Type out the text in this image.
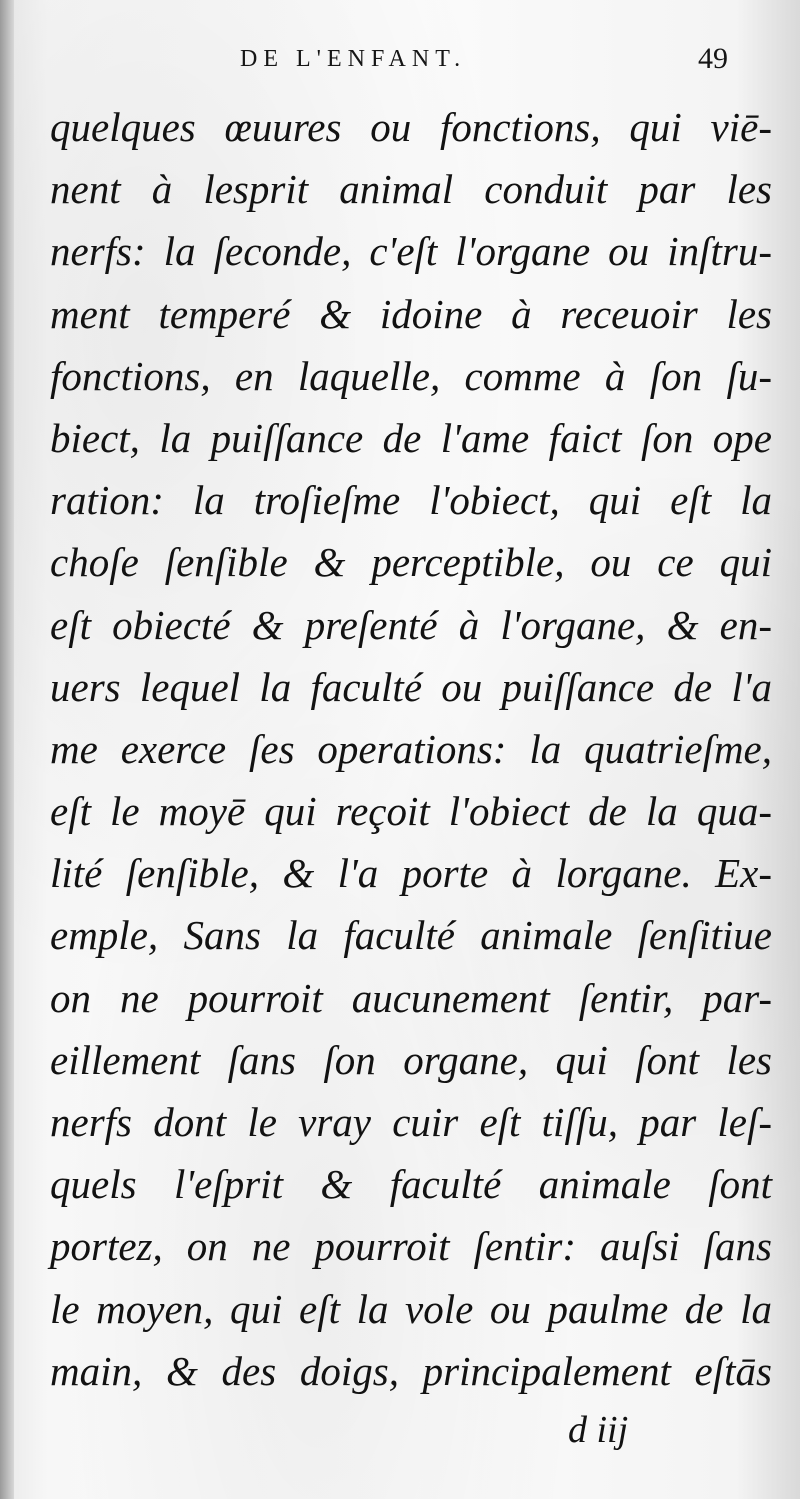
DE L'ENFANT.	49
quelques œuures ou fonctions, qui viē-
nent à lesprit animal conduit par les
nerfs: la ſeconde, c'eſt l'organe ou inſtru-
ment temperé & idoine à receuoir les
fonctions, en laquelle, comme à ſon ſu-
biect, la puiſſance de l'ame faict ſon ope
ration: la troſieſme l'obiect, qui eſt la
choſe ſenſible & perceptible, ou ce qui
eſt obiecté & preſenté à l'organe, & en-
uers lequel la faculté ou puiſſance de l'a
me exerce ſes operations: la quatrieſme,
eſt le moyē qui reçoit l'obiect de la qua-
lité ſenſible, & l'a porte à lorgane. Ex-
emple, Sans la faculté animale ſenſitiue
on ne pourroit aucunement ſentir, par-
eillement ſans ſon organe, qui ſont les
nerfs dont le vray cuir eſt tiſſu, par leſ-
quels l'eſprit & faculté animale ſont
portez, on ne pourroit ſentir: auſsi ſans
le moyen, qui eſt la vole ou paulme de la
main, & des doigs, principalement eſtās
d iij
